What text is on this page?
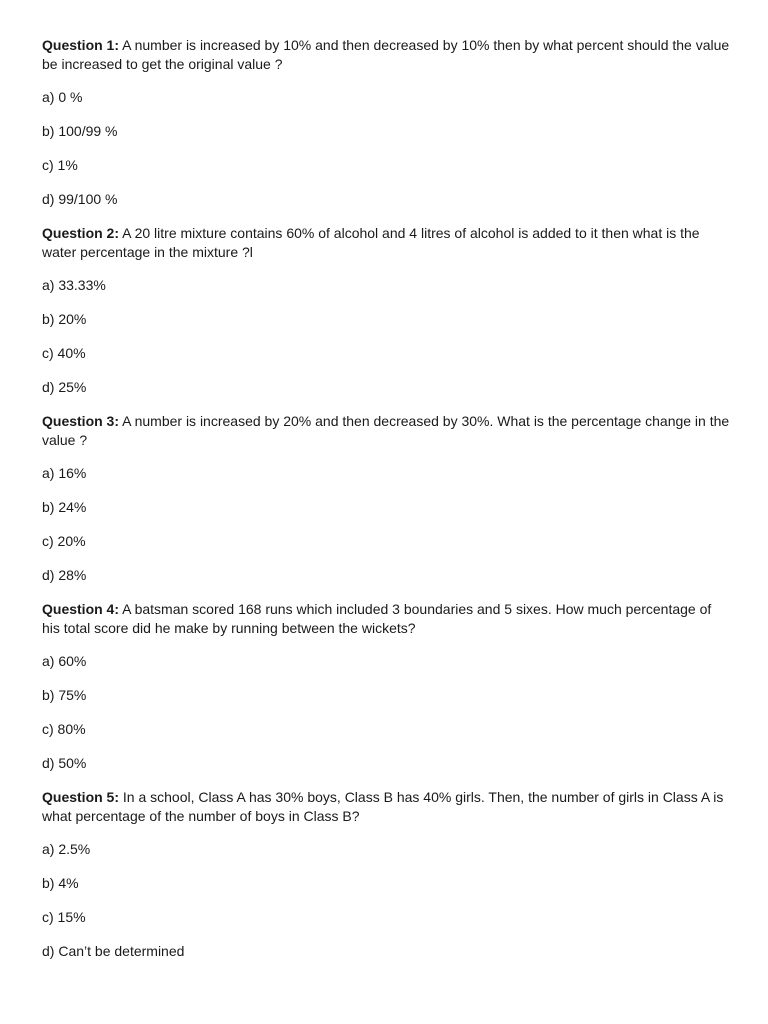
Question 1: A number is increased by 10% and then decreased by 10% then by what percent should the value be increased to get the original value ?

a) 0 %

b) 100/99 %

c) 1%

d) 99/100 %

Question 2: A 20 litre mixture contains 60% of alcohol and 4 litres of alcohol is added to it then what is the water percentage in the mixture ?l

a) 33.33%

b) 20%

c) 40%

d) 25%

Question 3: A number is increased by 20% and then decreased by 30%. What is the percentage change in the value ?

a) 16%

b) 24%

c) 20%

d) 28%

Question 4: A batsman scored 168 runs which included 3 boundaries and 5 sixes. How much percentage of his total score did he make by running between the wickets?

a) 60%

b) 75%

c) 80%

d) 50%

Question 5: In a school, Class A has 30% boys, Class B has 40% girls. Then, the number of girls in Class A is what percentage of the number of boys in Class B?

a) 2.5%

b) 4%

c) 15%

d) Can’t be determined
